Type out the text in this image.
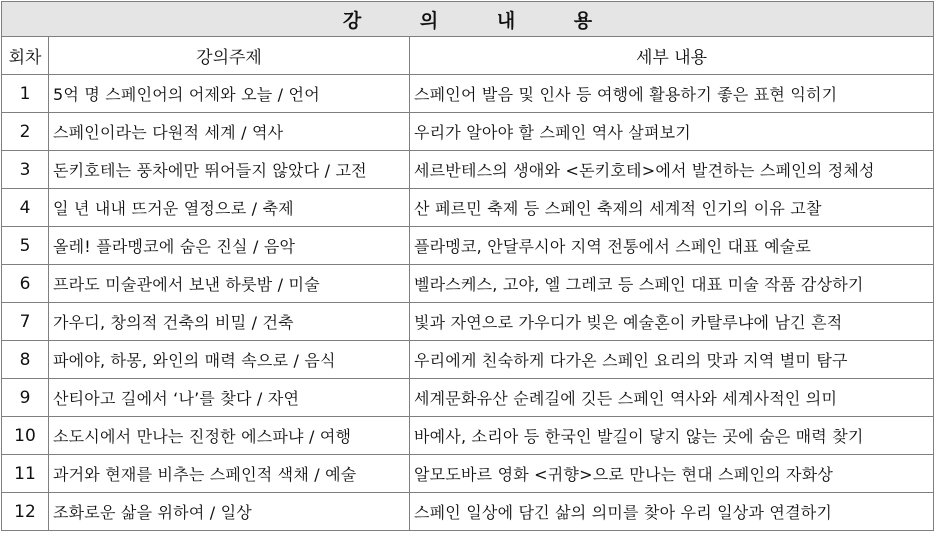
강 의 내 용		
회차	강의주제	세부 내용
1	5억 명 스페인어의 어제와 오늘 / 언어	스페인어 발음 및 인사 등 여행에 활용하기 좋은 표현 익히기
2	스페인이라는 다원적 세계 / 역사	우리가 알아야 할 스페인 역사 살펴보기
3	돈키호테는 풍차에만 뛰어들지 않았다 / 고전	세르반테스의 생애와 <돈키호테>에서 발견하는 스페인의 정체성
4	일 년 내내 뜨거운 열정으로 / 축제	산 페르민 축제 등 스페인 축제의 세계적 인기의 이유 고찰
5	올레! 플라멩코에 숨은 진실 / 음악	플라멩코, 안달루시아 지역 전통에서 스페인 대표 예술로
6	프라도 미술관에서 보낸 하룻밤 / 미술	벨라스케스, 고야, 엘 그레코 등 스페인 대표 미술 작품 감상하기
7	가우디, 창의적 건축의 비밀 / 건축	빛과 자연으로 가우디가 빚은 예술혼이 카탈루냐에 남긴 흔적
8	파에야, 하몽, 와인의 매력 속으로 / 음식	우리에게 친숙하게 다가온 스페인 요리의 맛과 지역 별미 탐구
9	산티아고 길에서 ‘나’를 찾다 / 자연	세계문화유산 순례길에 깃든 스페인 역사와 세계사적인 의미
10	소도시에서 만나는 진정한 에스파냐 / 여행	바예사, 소리아 등 한국인 발길이 닿지 않는 곳에 숨은 매력 찾기
11	과거와 현재를 비추는 스페인적 색채 / 예술	알모도바르 영화 <귀향>으로 만나는 현대 스페인의 자화상
12	조화로운 삶을 위하여 / 일상	스페인 일상에 담긴 삶의 의미를 찾아 우리 일상과 연결하기
